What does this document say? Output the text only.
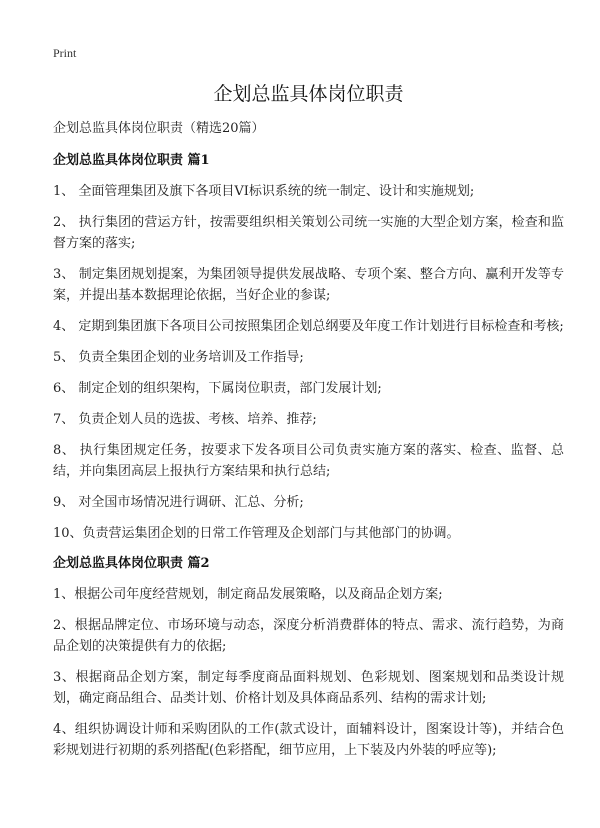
Print
企划总监具体岗位职责
企划总监具体岗位职责（精选20篇）
企划总监具体岗位职责 篇1

1、 全面管理集团及旗下各项目VI标识系统的统一制定、设计和实施规划;

2、 执行集团的营运方针，按需要组织相关策划公司统一实施的大型企划方案，检查和监督方案的落实;

3、 制定集团规划提案，为集团领导提供发展战略、专项个案、整合方向、赢利开发等专案，并提出基本数据理论依据，当好企业的参谋;

4、 定期到集团旗下各项目公司按照集团企划总纲要及年度工作计划进行目标检查和考核;

5、 负责全集团企划的业务培训及工作指导;

6、 制定企划的组织架构，下属岗位职责，部门发展计划;

7、 负责企划人员的选拔、考核、培养、推荐;

8、 执行集团规定任务，按要求下发各项目公司负责实施方案的落实、检查、监督、总结，并向集团高层上报执行方案结果和执行总结;

9、 对全国市场情况进行调研、汇总、分析;

10、负责营运集团企划的日常工作管理及企划部门与其他部门的协调。

企划总监具体岗位职责 篇2

1、根据公司年度经营规划，制定商品发展策略，以及商品企划方案;

2、根据品牌定位、市场环境与动态，深度分析消费群体的特点、需求、流行趋势，为商品企划的决策提供有力的依据;

3、根据商品企划方案，制定每季度商品面料规划、色彩规划、图案规划和品类设计规划，确定商品组合、品类计划、价格计划及具体商品系列、结构的需求计划;

4、组织协调设计师和采购团队的工作(款式设计，面辅料设计，图案设计等)，并结合色彩规划进行初期的系列搭配(色彩搭配，细节应用，上下装及内外装的呼应等);
